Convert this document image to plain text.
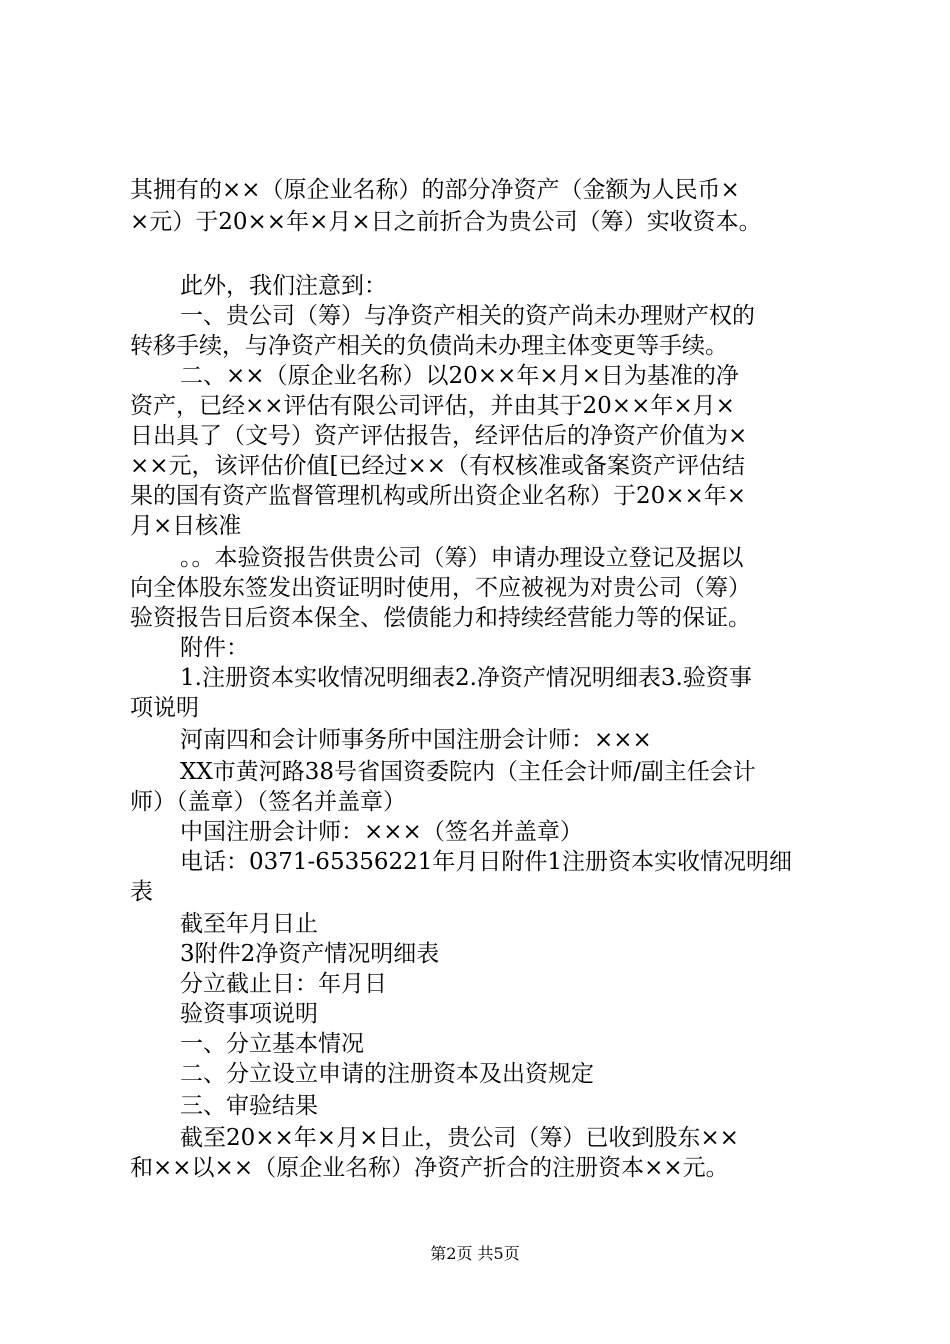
其拥有的××（原企业名称）的部分净资产（金额为人民币×
×元）于20××年×月×日之前折合为贵公司（筹）实收资本。
此外，我们注意到：
一、贵公司（筹）与净资产相关的资产尚未办理财产权的
转移手续，与净资产相关的负债尚未办理主体变更等手续。
二、××（原企业名称）以20××年×月×日为基准的净
资产，已经××评估有限公司评估，并由其于20××年×月×
日出具了（文号）资产评估报告，经评估后的净资产价值为×
××元，该评估价值[已经过××（有权核准或备案资产评估结
果的国有资产监督管理机构或所出资企业名称）于20××年×
月×日核准
。。本验资报告供贵公司（筹）申请办理设立登记及据以
向全体股东签发出资证明时使用，不应被视为对贵公司（筹）
验资报告日后资本保全、偿债能力和持续经营能力等的保证。
附件：
1.注册资本实收情况明细表2.净资产情况明细表3.验资事
项说明
河南四和会计师事务所中国注册会计师：×××
XX市黄河路38号省国资委院内（主任会计师/副主任会计
师）（盖章）（签名并盖章）
中国注册会计师：×××（签名并盖章）
电话：0371-65356221年月日附件1注册资本实收情况明细
表
截至年月日止
3附件2净资产情况明细表
分立截止日：年月日
验资事项说明
一、分立基本情况
二、分立设立申请的注册资本及出资规定
三、审验结果
截至20××年×月×日止，贵公司（筹）已收到股东××
和××以××（原企业名称）净资产折合的注册资本××元。
第2页 共5页
